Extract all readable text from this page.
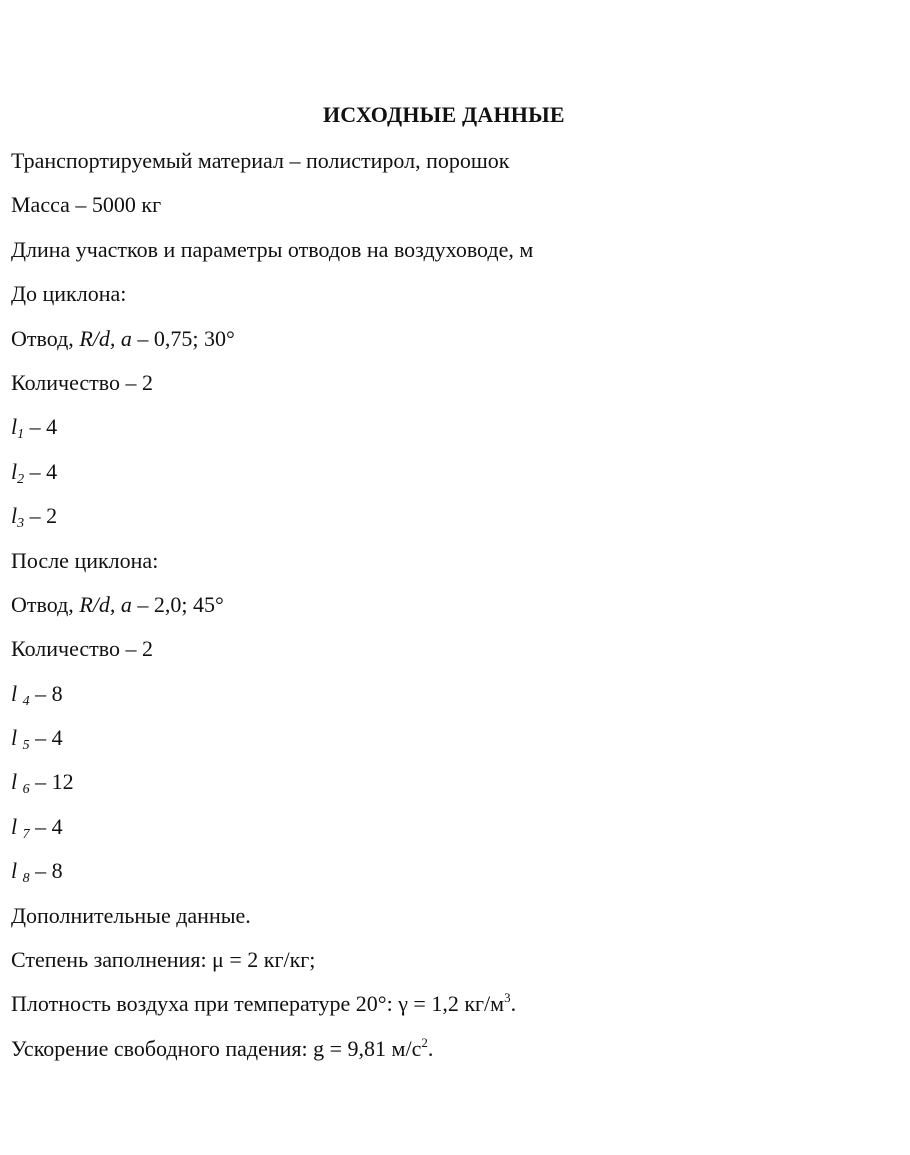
ИСХОДНЫЕ ДАННЫЕ
Транспортируемый материал – полистирол, порошок
Масса – 5000 кг
Длина участков и параметры отводов на воздуховоде, м
До циклона:
Отвод, R/d, a – 0,75; 30°
Количество – 2
$l_1 - 4$
$l_2 - 4$
$l_3 - 2$
После циклона:
Отвод, R/d, a – 2,0; 45°
Количество – 2
l $_4$ – 8
l $_5$ – 4
l $_6$ – 12
l $_7$ – 4
l $_8$ – 8
Дополнительные данные.
Степень заполнения: μ = 2 кг/кг;
Плотность воздуха при температуре 20°: γ = 1,2 $кг/м^3$.
Ускорение свободного падения: g = 9,81 $м/с^2$.
